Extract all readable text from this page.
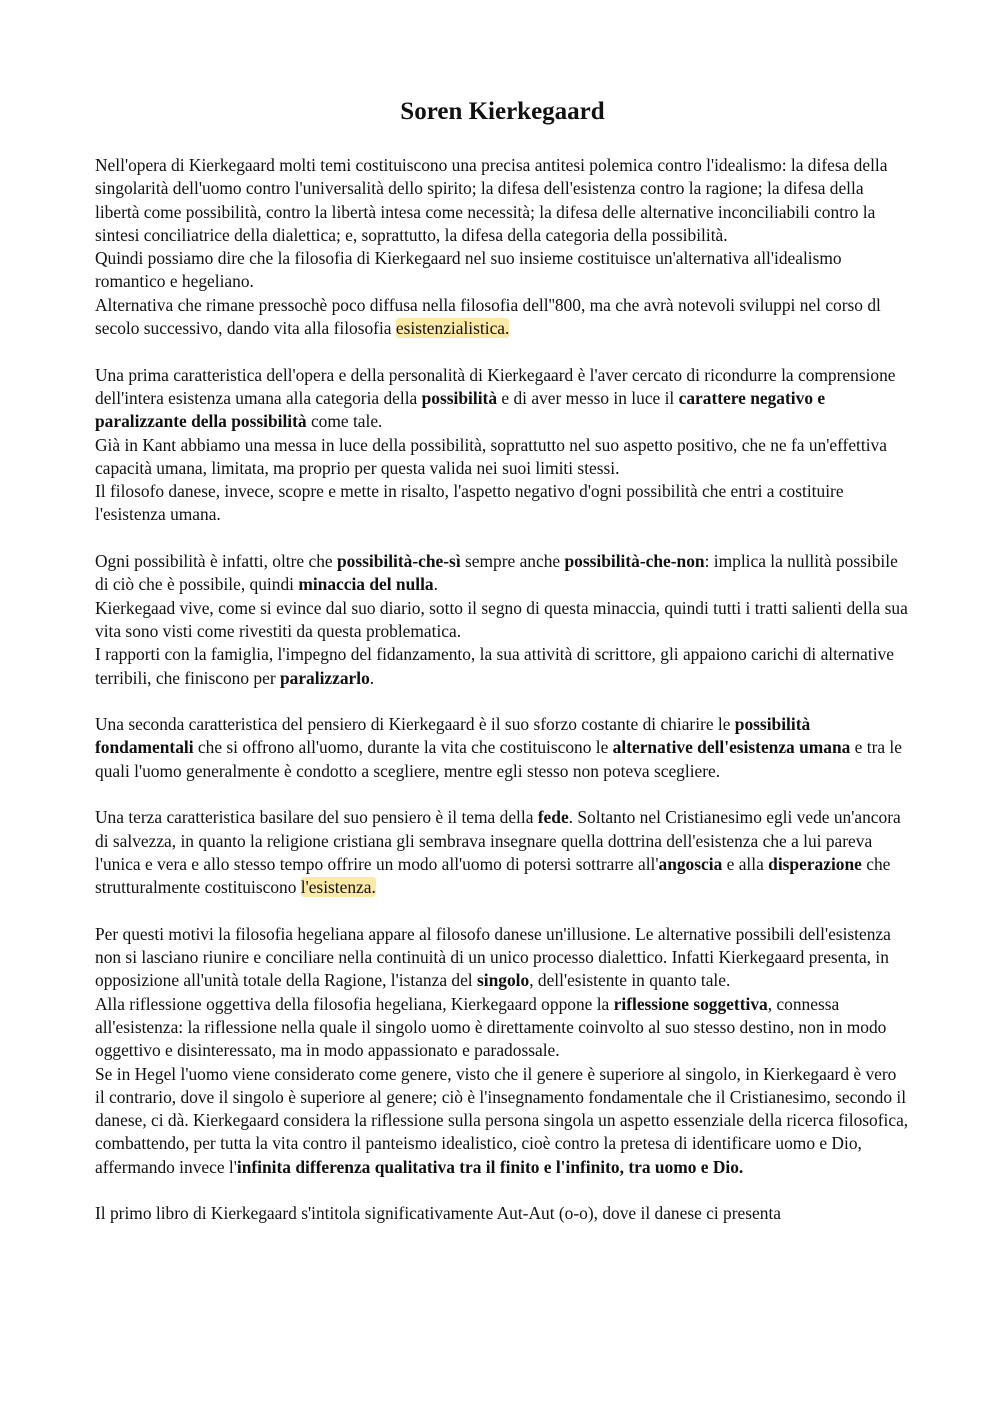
Soren Kierkegaard

Nell'opera di Kierkegaard molti temi costituiscono una precisa antitesi polemica contro l'idealismo: la difesa della singolarità dell'uomo contro l'universalità dello spirito; la difesa dell'esistenza contro la ragione; la difesa della libertà come possibilità, contro la libertà intesa come necessità; la difesa delle alternative inconciliabili contro la sintesi conciliatrice della dialettica; e, soprattutto, la difesa della categoria della possibilità.

Quindi possiamo dire che la filosofia di Kierkegaard nel suo insieme costituisce un'alternativa all'idealismo romantico e hegeliano.

Alternativa che rimane pressochè poco diffusa nella filosofia dell''800, ma che avrà notevoli sviluppi nel corso dl secolo successivo, dando vita alla filosofia esistenzialistica.

Una prima caratteristica dell'opera e della personalità di Kierkegaard è l'aver cercato di ricondurre la comprensione dell'intera esistenza umana alla categoria della possibilità e di aver messo in luce il carattere negativo e paralizzante della possibilità come tale.

Già in Kant abbiamo una messa in luce della possibilità, soprattutto nel suo aspetto positivo, che ne fa un'effettiva capacità umana, limitata, ma proprio per questa valida nei suoi limiti stessi.

Il filosofo danese, invece, scopre e mette in risalto, l'aspetto negativo d'ogni possibilità che entri a costituire l'esistenza umana.

Ogni possibilità è infatti, oltre che possibilità-che-sì sempre anche possibilità-che-non: implica la nullità possibile di ciò che è possibile, quindi minaccia del nulla.

Kierkegaad vive, come si evince dal suo diario, sotto il segno di questa minaccia, quindi tutti i tratti salienti della sua vita sono visti come rivestiti da questa problematica.

I rapporti con la famiglia, l'impegno del fidanzamento, la sua attività di scrittore, gli appaiono carichi di alternative terribili, che finiscono per paralizzarlo.

Una seconda caratteristica del pensiero di Kierkegaard è il suo sforzo costante di chiarire le possibilità fondamentali che si offrono all'uomo, durante la vita che costituiscono le alternative dell'esistenza umana e tra le quali l'uomo generalmente è condotto a scegliere, mentre egli stesso non poteva scegliere.

Una terza caratteristica basilare del suo pensiero è il tema della fede. Soltanto nel Cristianesimo egli vede un'ancora di salvezza, in quanto la religione cristiana gli sembrava insegnare quella dottrina dell'esistenza che a lui pareva l'unica e vera e allo stesso tempo offrire un modo all'uomo di potersi sottrarre all'angoscia e alla disperazione che strutturalmente costituiscono l'esistenza.

Per questi motivi la filosofia hegeliana appare al filosofo danese un'illusione. Le alternative possibili dell'esistenza non si lasciano riunire e conciliare nella continuità di un unico processo dialettico. Infatti Kierkegaard presenta, in opposizione all'unità totale della Ragione, l'istanza del singolo, dell'esistente in quanto tale.

Alla riflessione oggettiva della filosofia hegeliana, Kierkegaard oppone la riflessione soggettiva, connessa all'esistenza: la riflessione nella quale il singolo uomo è direttamente coinvolto al suo stesso destino, non in modo oggettivo e disinteressato, ma in modo appassionato e paradossale.

Se in Hegel l'uomo viene considerato come genere, visto che il genere è superiore al singolo, in Kierkegaard è vero il contrario, dove il singolo è superiore al genere; ciò è l'insegnamento fondamentale che il Cristianesimo, secondo il danese, ci dà. Kierkegaard considera la riflessione sulla persona singola un aspetto essenziale della ricerca filosofica, combattendo, per tutta la vita contro il panteismo idealistico, cioè contro la pretesa di identificare uomo e Dio, affermando invece l'infinita differenza qualitativa tra il finito e l'infinito, tra uomo e Dio.

Il primo libro di Kierkegaard s'intitola significativamente Aut-Aut (o-o), dove il danese ci presenta
